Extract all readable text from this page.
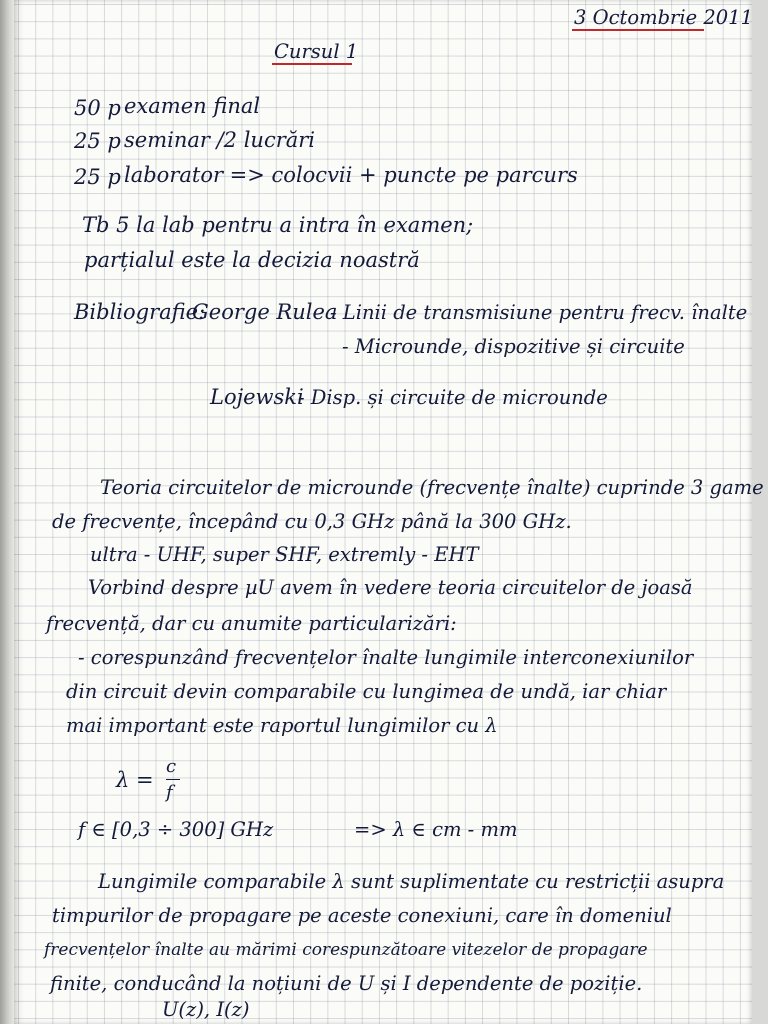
3 Octombrie 2011
Cursul 1
50 p examen final
25 p seminar /2 lucrări
25 p laborator => colocvii + puncte pe parcurs
Tb 5 la lab pentru a intra în examen;
parțialul este la decizia noastră
Bibliografie:
George Rulea
- Linii de transmisiune pentru frecv. înalte
- Microunde, dispozitive și circuite
Lojewski
- Disp. și circuite de microunde
Teoria circuitelor de microunde (frecvențe înalte) cuprinde 3 game
de frecvențe, începând cu 0,3 GHz până la 300 GHz.
ultra - UHF, super SHF, extremly - EHT
Vorbind despre µU avem în vedere teoria circuitelor de joasă
frecvență, dar cu anumite particularizări:
- corespunzând frecvențelor înalte lungimile interconexiunilor
din circuit devin comparabile cu lungimea de undă, iar chiar
mai important este raportul lungimilor cu λ
λ =
c
f
f ∈ [0,3 ÷ 300] GHz	=> λ ∈ cm - mm
Lungimile comparabile λ sunt suplimentate cu restricții asupra
timpurilor de propagare pe aceste conexiuni, care în domeniul
frecvențelor înalte au mărimi corespunzătoare vitezelor de propagare
finite, conducând la noțiuni de U și I dependente de poziție.
U(z), I(z)
